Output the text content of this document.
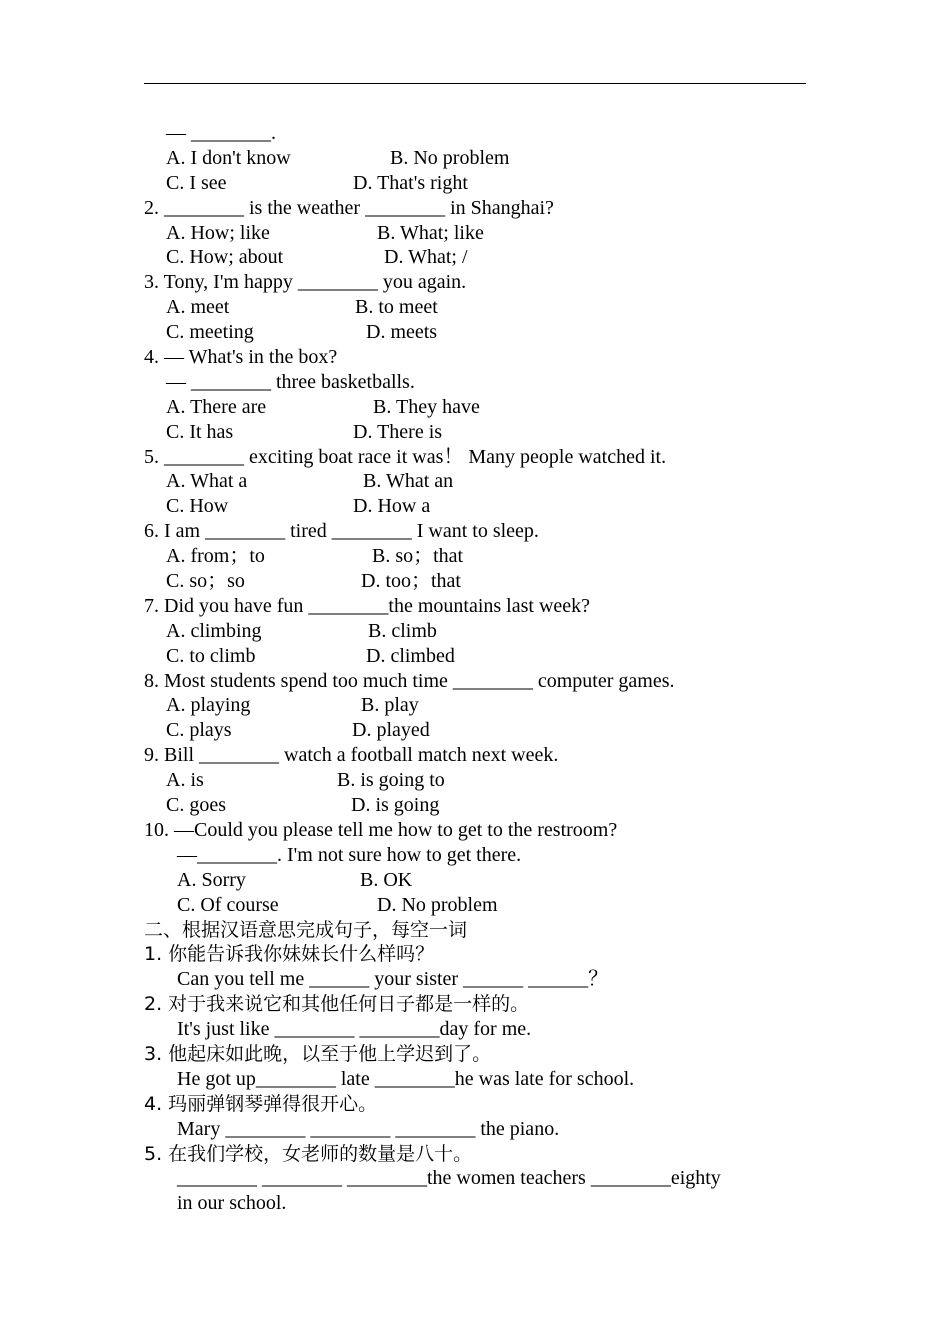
— ________.
A. I don't know	B. No problem
C. I see	D. That's right
2. ________ is the weather ________ in Shanghai?
A. How; like	B. What; like
C. How; about	D. What; /
3. Tony, I'm happy ________ you again.
A. meet	B. to meet
C. meeting	D. meets
4. — What's in the box?
— ________ three basketballs.
A. There are	B. They have
C. It has	D. There is
5. ________ exciting boat race it was！ Many people watched it.
A. What a	B. What an
C. How	D. How a
6. I am ________ tired ________ I want to sleep.
A. from；to	B. so；that
C. so；so	D. too；that
7. Did you have fun ________the mountains last week?
A. climbing	B. climb
C. to climb	D. climbed
8. Most students spend too much time ________ computer games.
A. playing	B. play
C. plays	D. played
9. Bill ________ watch a football match next week.
A. is	B. is going to
C. goes	D. is going
10. —Could you please tell me how to get to the restroom?
—________. I'm not sure how to get there.
A. Sorry	B. OK
C. Of course	D. No problem
二、根据汉语意思完成句子，每空一词
1. 你能告诉我你妹妹长什么样吗？
Can you tell me ______ your sister ______ ______？
2. 对于我来说它和其他任何日子都是一样的。
It's just like ________ ________day for me.
3. 他起床如此晚，以至于他上学迟到了。
He got up________ late ________he was late for school.
4. 玛丽弹钢琴弹得很开心。
Mary ________ ________ ________ the piano.
5. 在我们学校，女老师的数量是八十。
________ ________ ________the women teachers ________eighty
in our school.
